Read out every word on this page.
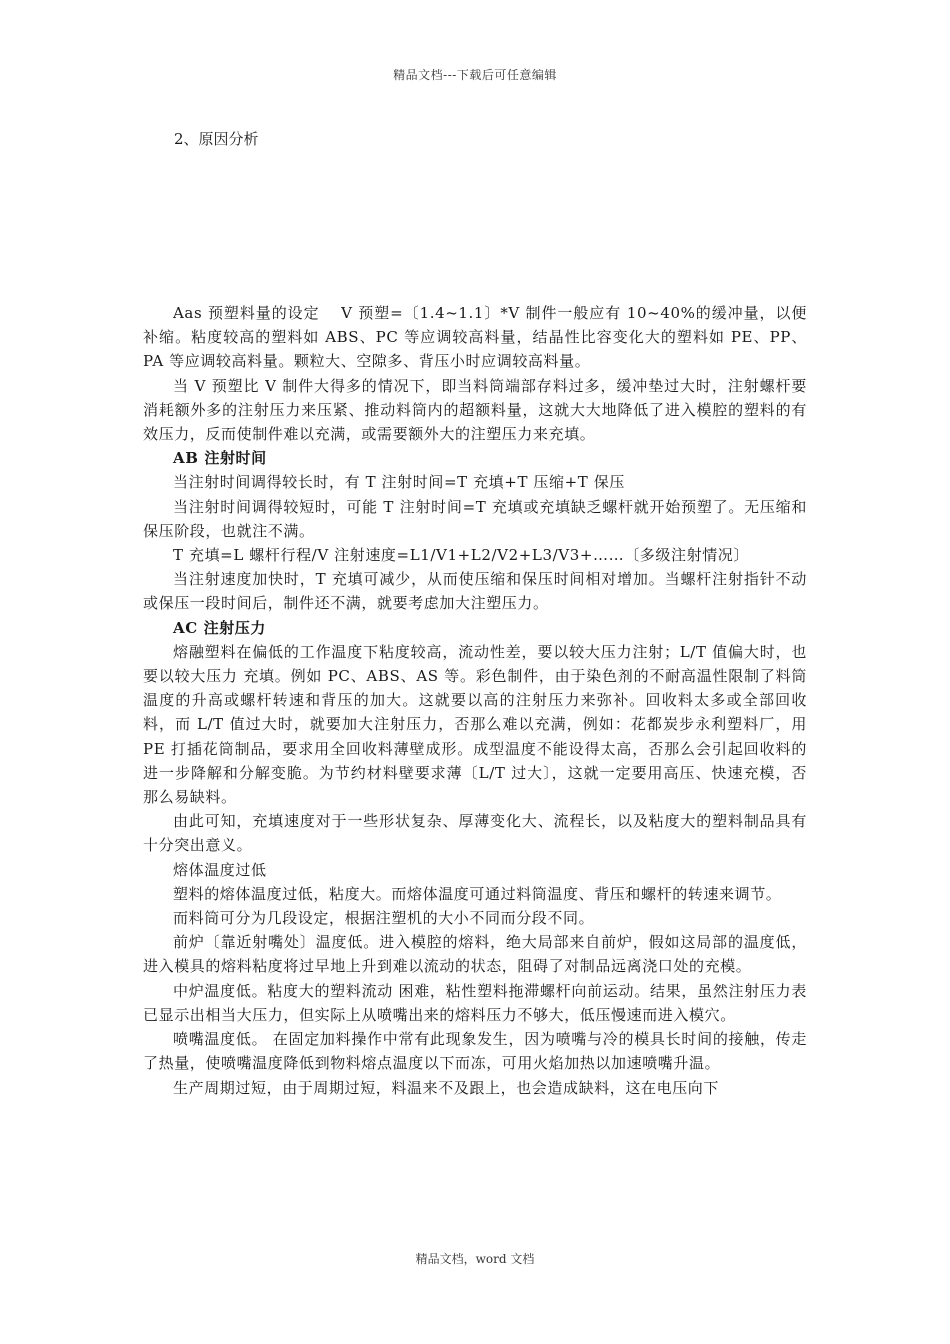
精品文档---下载后可任意编辑
2、原因分析

Aas 预塑料量的设定　 V 预塑=〔1.4~1.1〕*V 制件一般应有 10~40%的缓冲量，以便补缩。粘度较高的塑料如 ABS、PC 等应调较高料量，结晶性比容变化大的塑料如 PE、PP、PA 等应调较高料量。颗粒大、空隙多、背压小时应调较高料量。

当 V 预塑比 V 制件大得多的情况下，即当料筒端部存料过多，缓冲垫过大时，注射螺杆要消耗额外多的注射压力来压紧、推动料筒内的超额料量，这就大大地降低了进入模腔的塑料的有效压力，反而使制件难以充满，或需要额外大的注塑压力来充填。

AB 注射时间

当注射时间调得较长时，有 T 注射时间=T 充填+T 压缩+T 保压

当注射时间调得较短时，可能 T 注射时间=T 充填或充填缺乏螺杆就开始预塑了。无压缩和保压阶段，也就注不满。

T 充填=L 螺杆行程/V 注射速度=L1/V1+L2/V2+L3/V3+……〔多级注射情况〕

当注射速度加快时，T 充填可减少，从而使压缩和保压时间相对增加。当螺杆注射指针不动或保压一段时间后，制件还不满，就要考虑加大注塑压力。

AC 注射压力

熔融塑料在偏低的工作温度下粘度较高，流动性差，要以较大压力注射；L/T 值偏大时，也要以较大压力 充填。例如 PC、ABS、AS 等。彩色制件，由于染色剂的不耐高温性限制了料筒温度的升高或螺杆转速和背压的加大。这就要以高的注射压力来弥补。回收料太多或全部回收料，而 L/T 值过大时，就要加大注射压力，否那么难以充满，例如：花都炭步永利塑料厂，用 PE 打插花筒制品，要求用全回收料薄壁成形。成型温度不能设得太高，否那么会引起回收料的进一步降解和分解变脆。为节约材料壁要求薄〔L/T 过大〕，这就一定要用高压、快速充模，否那么易缺料。

由此可知，充填速度对于一些形状复杂、厚薄变化大、流程长，以及粘度大的塑料制品具有十分突出意义。

熔体温度过低

塑料的熔体温度过低，粘度大。而熔体温度可通过料筒温度、背压和螺杆的转速来调节。

而料筒可分为几段设定，根据注塑机的大小不同而分段不同。

前炉〔靠近射嘴处〕温度低。进入模腔的熔料，绝大局部来自前炉，假如这局部的温度低，进入模具的熔料粘度将过早地上升到难以流动的状态，阻碍了对制品远离浇口处的充模。

中炉温度低。粘度大的塑料流动 困难，粘性塑料拖滞螺杆向前运动。结果，虽然注射压力表已显示出相当大压力，但实际上从喷嘴出来的熔料压力不够大，低压慢速而进入模穴。

喷嘴温度低。 在固定加料操作中常有此现象发生，因为喷嘴与冷的模具长时间的接触，传走了热量，使喷嘴温度降低到物料熔点温度以下而冻，可用火焰加热以加速喷嘴升温。

生产周期过短，由于周期过短，料温来不及跟上，也会造成缺料，这在电压向下

精品文档，word 文档
